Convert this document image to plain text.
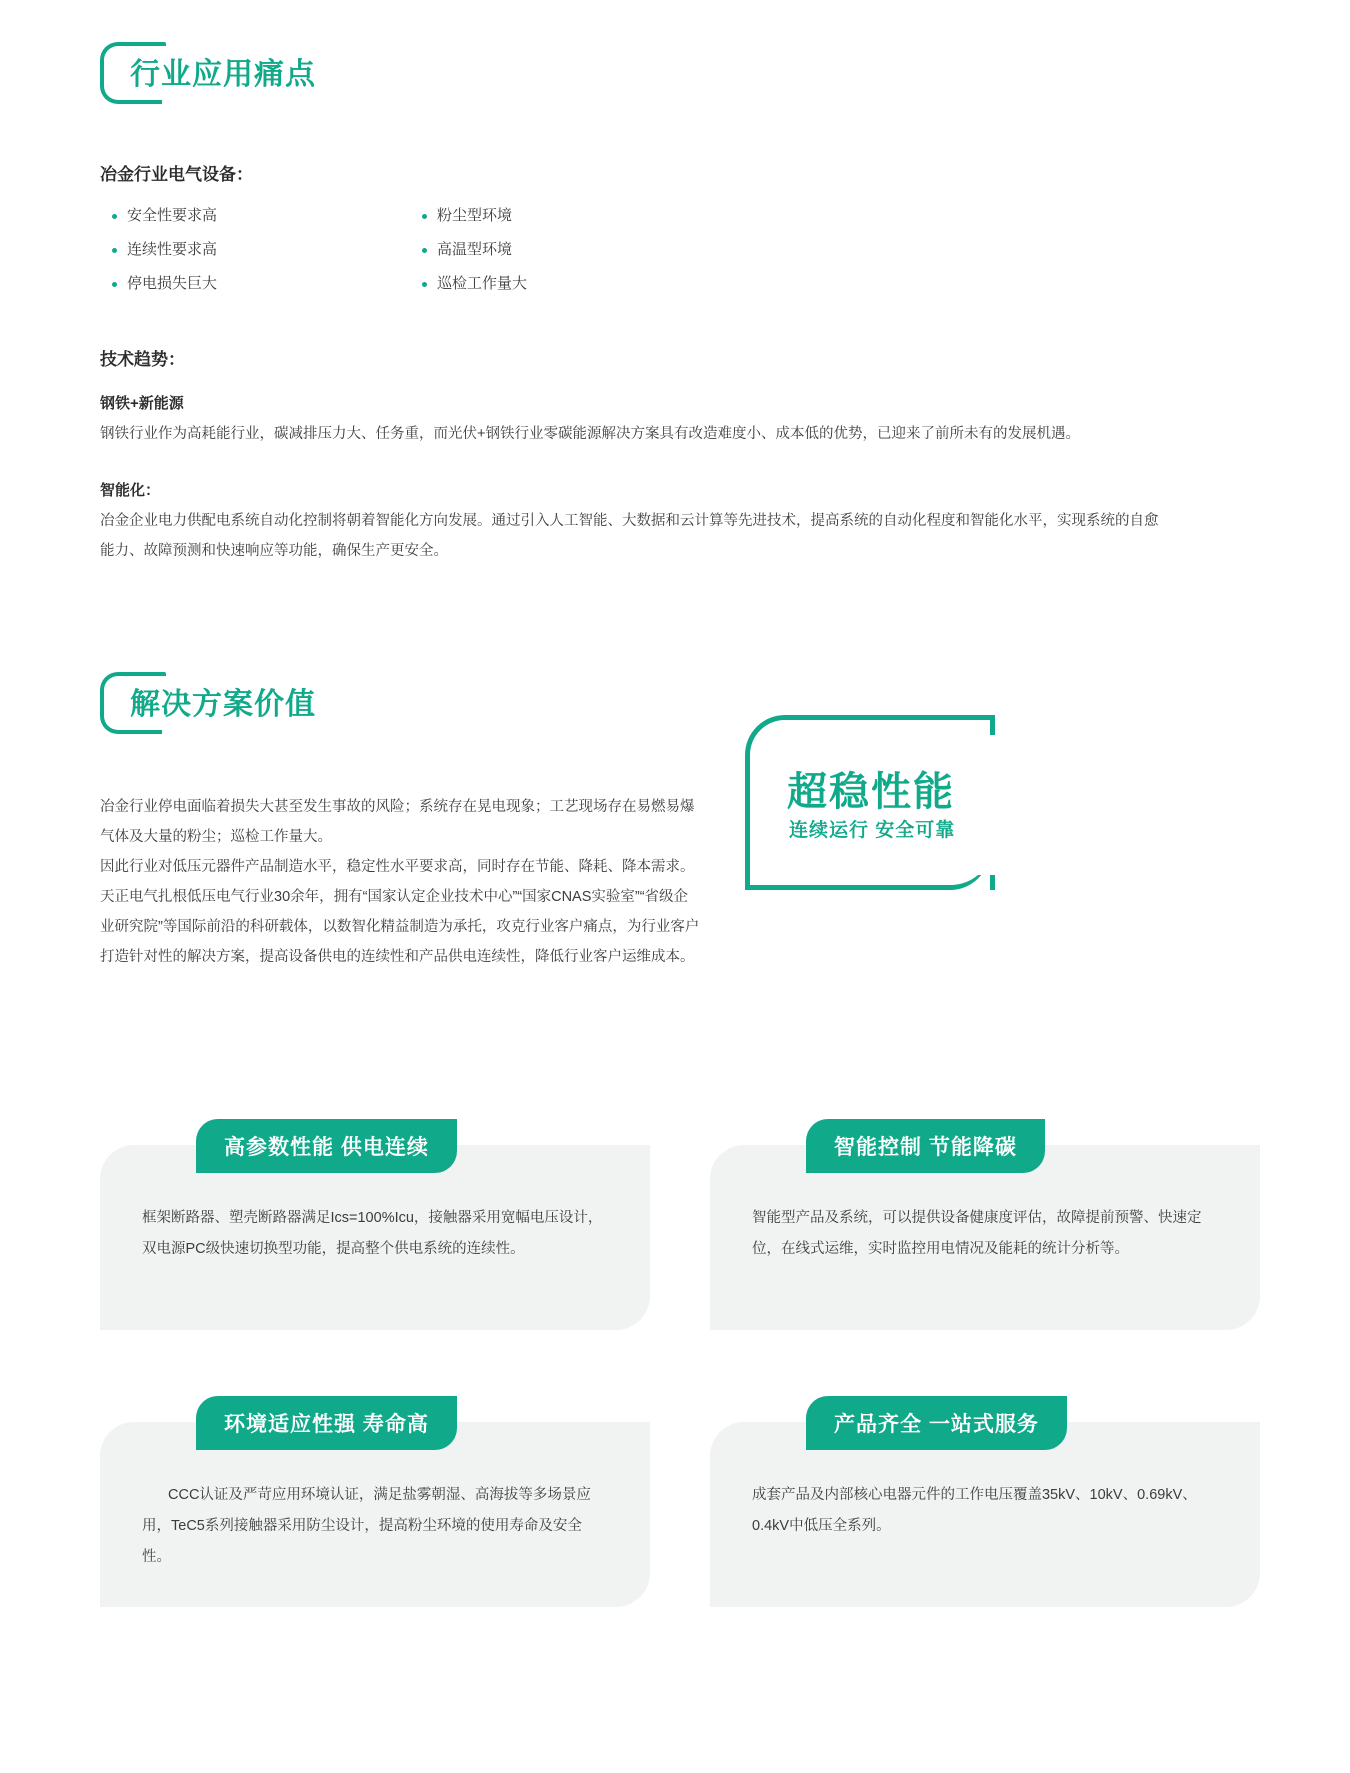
行业应用痛点
冶金行业电气设备：
安全性要求高
连续性要求高
停电损失巨大
粉尘型环境
高温型环境
巡检工作量大
技术趋势：
钢铁+新能源

钢铁行业作为高耗能行业，碳减排压力大、任务重，而光伏+钢铁行业零碳能源解决方案具有改造难度小、成本低的优势，已迎来了前所未有的发展机遇。

智能化：

冶金企业电力供配电系统自动化控制将朝着智能化方向发展。通过引入人工智能、大数据和云计算等先进技术，提高系统的自动化程度和智能化水平，实现系统的自愈能力、故障预测和快速响应等功能，确保生产更安全。

解决方案价值

冶金行业停电面临着损失大甚至发生事故的风险；系统存在晃电现象；工艺现场存在易燃易爆气体及大量的粉尘；巡检工作量大。

因此行业对低压元器件产品制造水平，稳定性水平要求高，同时存在节能、降耗、降本需求。天正电气扎根低压电气行业30余年，拥有“国家认定企业技术中心”“国家CNAS实验室”“省级企业研究院”等国际前沿的科研载体，以数智化精益制造为承托，攻克行业客户痛点，为行业客户打造针对性的解决方案，提高设备供电的连续性和产品供电连续性，降低行业客户运维成本。

超稳性能
连续运行 安全可靠
高参数性能 供电连续
框架断路器、塑壳断路器满足Ics=100%Icu，接触器采用宽幅电压设计，双电源PC级快速切换型功能，提高整个供电系统的连续性。
智能控制 节能降碳
智能型产品及系统，可以提供设备健康度评估，故障提前预警、快速定位，在线式运维，实时监控用电情况及能耗的统计分析等。
环境适应性强 寿命高
CCC认证及严苛应用环境认证，满足盐雾朝湿、高海拔等多场景应用，TeC5系列接触器采用防尘设计，提高粉尘环境的使用寿命及安全性。
产品齐全 一站式服务
成套产品及内部核心电器元件的工作电压覆盖35kV、10kV、0.69kV、0.4kV中低压全系列。
